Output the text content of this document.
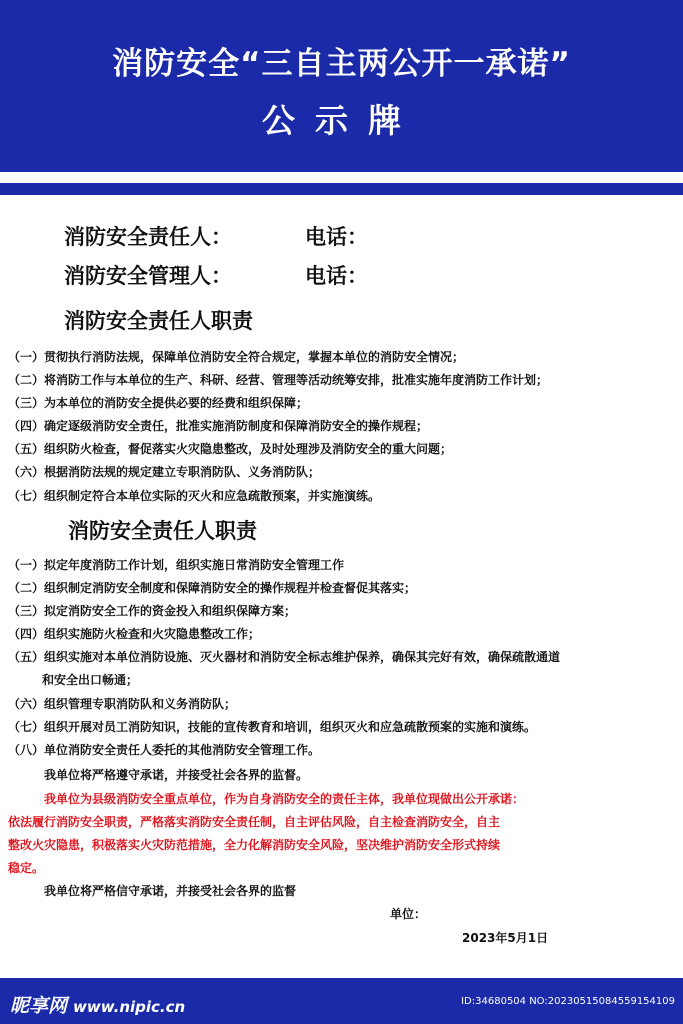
消防安全“三自主两公开一承诺”
公示牌
消防安全责任人：	电话：
消防安全管理人：	电话：
消防安全责任人职责
（一）贯彻执行消防法规，保障单位消防安全符合规定，掌握本单位的消防安全情况；
（二）将消防工作与本单位的生产、科研、经营、管理等活动统筹安排，批准实施年度消防工作计划；
（三）为本单位的消防安全提供必要的经费和组织保障；
（四）确定逐级消防安全责任，批准实施消防制度和保障消防安全的操作规程；
（五）组织防火检查，督促落实火灾隐患整改，及时处理涉及消防安全的重大问题；
（六）根据消防法规的规定建立专职消防队、义务消防队；
（七）组织制定符合本单位实际的灭火和应急疏散预案，并实施演练。
消防安全责任人职责
（一）拟定年度消防工作计划，组织实施日常消防安全管理工作
（二）组织制定消防安全制度和保障消防安全的操作规程并检查督促其落实；
（三）拟定消防安全工作的资金投入和组织保障方案；
（四）组织实施防火检查和火灾隐患整改工作；
（五）组织实施对本单位消防设施、灭火器材和消防安全标志维护保养，确保其完好有效，确保疏散通道
和安全出口畅通；
（六）组织管理专职消防队和义务消防队；
（七）组织开展对员工消防知识，技能的宣传教育和培训，组织灭火和应急疏散预案的实施和演练。
（八）单位消防安全责任人委托的其他消防安全管理工作。
我单位将严格遵守承诺，并接受社会各界的监督。
我单位为县级消防安全重点单位，作为自身消防安全的责任主体，我单位现做出公开承诺：
依法履行消防安全职责，严格落实消防安全责任制，自主评估风险，自主检查消防安全，自主
整改火灾隐患，积极落实火灾防范措施，全力化解消防安全风险，坚决维护消防安全形式持续
稳定。
我单位将严格信守承诺，并接受社会各界的监督
单位：
2023年5月1日
昵享网 www.nipic.cn	ID:34680504 NO:20230515084559154109
